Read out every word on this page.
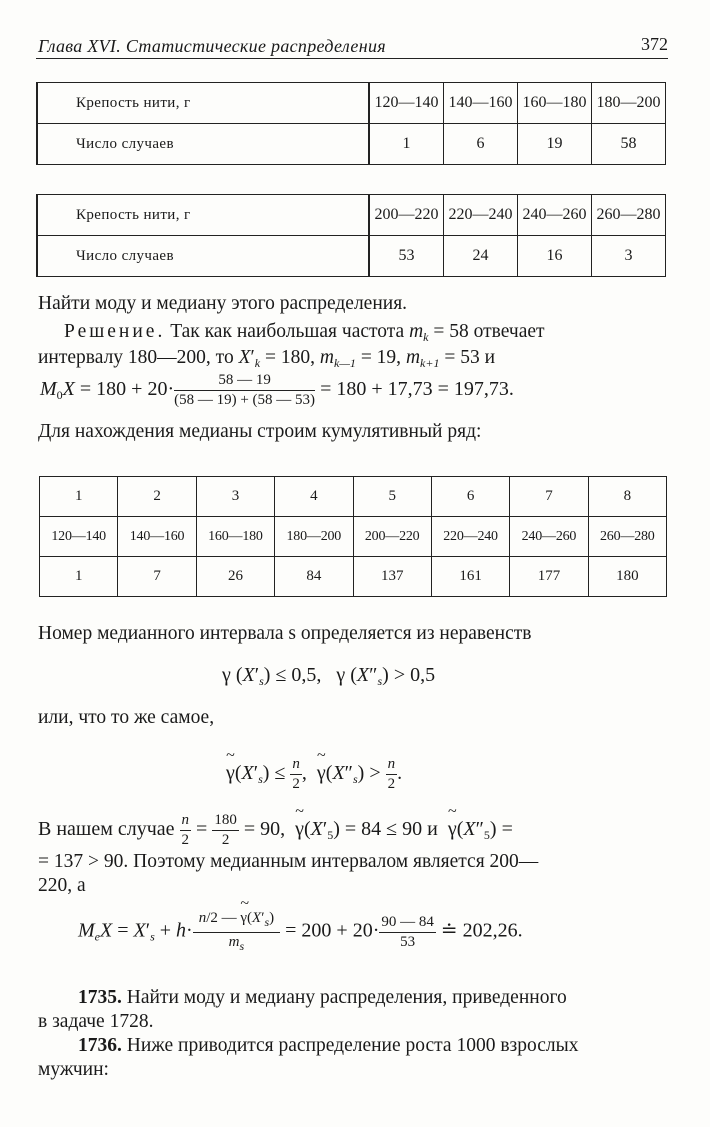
Глава XVI. Статистические распределения	372
Крепость нити, г	120—140	140—160	160—180	180—200
Число случаев	1	6	19	58
Крепость нити, г	200—220	220—240	240—260	260—280
Число случаев	53	24	16	3
Найти моду и медиану этого распределения.
Решение. Так как наибольшая частота $m_k = 58$ отвечает
интервалу 180—200, то $X'_k = 180$, $m_{k—1} = 19$, $m_{k+1} = 53$ и
$M_0X = 180 + 20\cdot \frac{58 — 19}{(58 — 19) + (58 — 53)} = 180 + 17,73 = 197,73$.
Для нахождения медианы строим кумулятивный ряд:
1	2	3	4	5	6	7	8
120—140	140—160	160—180	180—200	200—220	220—240	240—260	260—280
1	7	26	84	137	161	177	180
Номер медианного интервала s определяется из неравенств
γ $(X'_s) \le 0,5$,   γ $(X''_s) > 0,5$
или, что то же самое,
~ $\gamma(X'_s) \le \frac{n}{2}$ ,  ~ $\gamma(X''_s) > \frac{n}{2}$ .
В нашем случае $\frac{n}{2} = \frac{180}{2} = 90$, ~ $\gamma(X'_5) = 84 \le 90$ и ~ $\gamma(X''_5)$ =
= 137 > 90. Поэтому медианным интервалом является 200—
220, а
$M_eX = X'_s + h\cdot \frac{n/2 — \sim \gamma(X'_s)}{m_s} = 200 + 20\cdot \frac{90 — 84}{53}$ ≐ 202,26.
1735. Найти моду и медиану распределения, приведенного
в задаче 1728.
1736. Ниже приводится распределение роста 1000 взрослых
мужчин:
